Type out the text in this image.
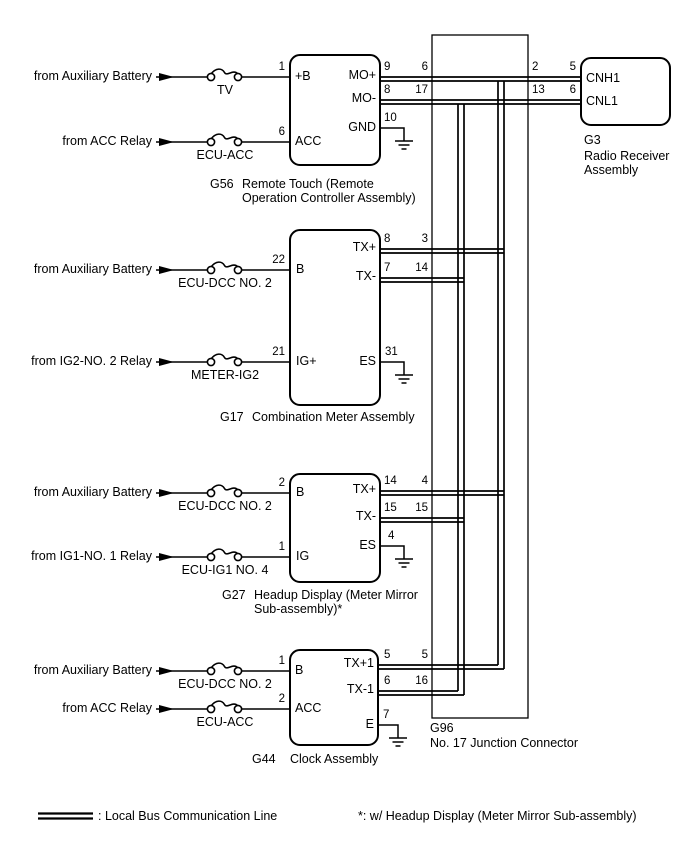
from Auxiliary Battery
from ACC Relay
from Auxiliary Battery
from IG2-NO. 2 Relay
from Auxiliary Battery
from IG1-NO. 1 Relay
from Auxiliary Battery
from ACC Relay
TV
ECU-ACC
ECU-DCC NO. 2
METER-IG2
ECU-DCC NO. 2
ECU-IG1 NO. 4
ECU-DCC NO. 2
ECU-ACC
1
6
22
21
2
1
1
2
+B
ACC
MO+
MO-
GND
9	6
8	17
10
G56 Remote Touch (Remote
Operation Controller Assembly)
B
IG+
TX+
TX-
ES
8	3
7	14
31
G17 Combination Meter Assembly
B
IG
TX+
TX-
ES
14	4
15	15
4
G27 Headup Display (Meter Mirror
Sub-assembly)*
B
ACC
TX+1
TX-1
E
5	5
6	16
7
G44 Clock Assembly
2	5
13	6
CNH1
CNL1
G3
Radio Receiver
Assembly
G96
No. 17 Junction Connector
: Local Bus Communication Line	*: w/ Headup Display (Meter Mirror Sub-assembly)
